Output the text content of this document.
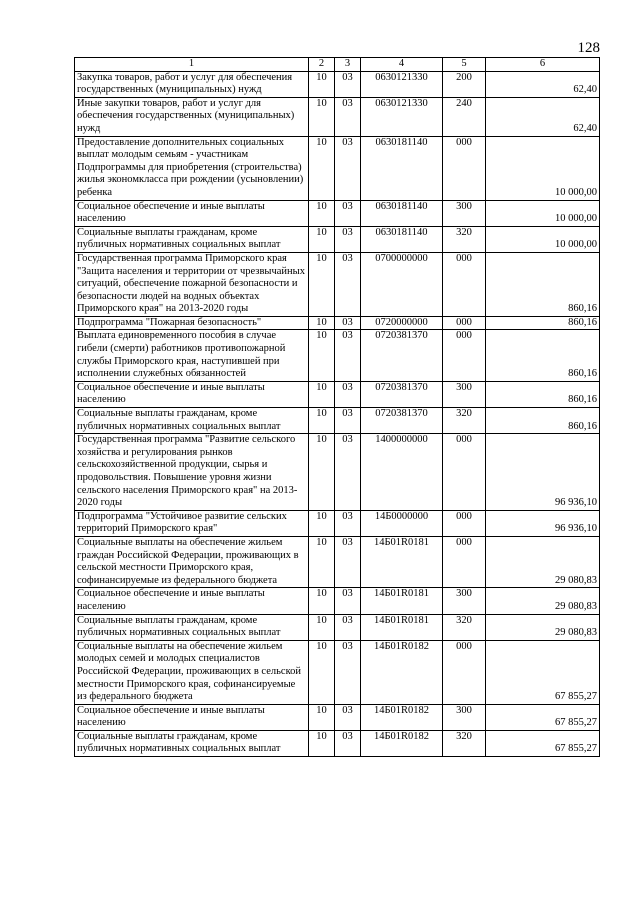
128
1	2	3	4	5	6
Закупка товаров, работ и услуг для обеспечения государственных (муниципальных) нужд	10	03	0630121330	200	62,40
Иные закупки товаров, работ и услуг для обеспечения государственных (муниципальных) нужд	10	03	0630121330	240	62,40
Предоставление дополнительных социальных выплат молодым семьям - участникам Подпрограммы для приобретения (строительства) жилья экономкласса при рождении (усыновлении) ребенка	10	03	0630181140	000	10 000,00
Социальное обеспечение и иные выплаты населению	10	03	0630181140	300	10 000,00
Социальные выплаты гражданам, кроме публичных нормативных социальных выплат	10	03	0630181140	320	10 000,00
Государственная программа Приморского края "Защита населения и территории от чрезвычайных ситуаций, обеспечение пожарной безопасности и безопасности людей на водных объектах Приморского края" на 2013-2020 годы	10	03	0700000000	000	860,16
Подпрограмма "Пожарная безопасность"	10	03	0720000000	000	860,16
Выплата единовременного пособия в случае гибели (смерти) работников противопожарной службы Приморского края, наступившей при исполнении служебных обязанностей	10	03	0720381370	000	860,16
Социальное обеспечение и иные выплаты населению	10	03	0720381370	300	860,16
Социальные выплаты гражданам, кроме публичных нормативных социальных выплат	10	03	0720381370	320	860,16
Государственная программа "Развитие сельского хозяйства и регулирования рынков сельскохозяйственной продукции, сырья и продовольствия. Повышение уровня жизни сельского населения Приморского края" на 2013-2020 годы	10	03	1400000000	000	96 936,10
Подпрограмма "Устойчивое развитие сельских территорий Приморского края"	10	03	14Б0000000	000	96 936,10
Социальные выплаты на обеспечение жильем граждан Российской Федерации, проживающих в сельской местности Приморского края, софинансируемые из федерального бюджета	10	03	14Б01R0181	000	29 080,83
Социальное обеспечение и иные выплаты населению	10	03	14Б01R0181	300	29 080,83
Социальные выплаты гражданам, кроме публичных нормативных социальных выплат	10	03	14Б01R0181	320	29 080,83
Социальные выплаты на обеспечение жильем молодых семей и молодых специалистов Российской Федерации, проживающих в сельской местности Приморского края, софинансируемые из федерального бюджета	10	03	14Б01R0182	000	67 855,27
Социальное обеспечение и иные выплаты населению	10	03	14Б01R0182	300	67 855,27
Социальные выплаты гражданам, кроме публичных нормативных социальных выплат	10	03	14Б01R0182	320	67 855,27
